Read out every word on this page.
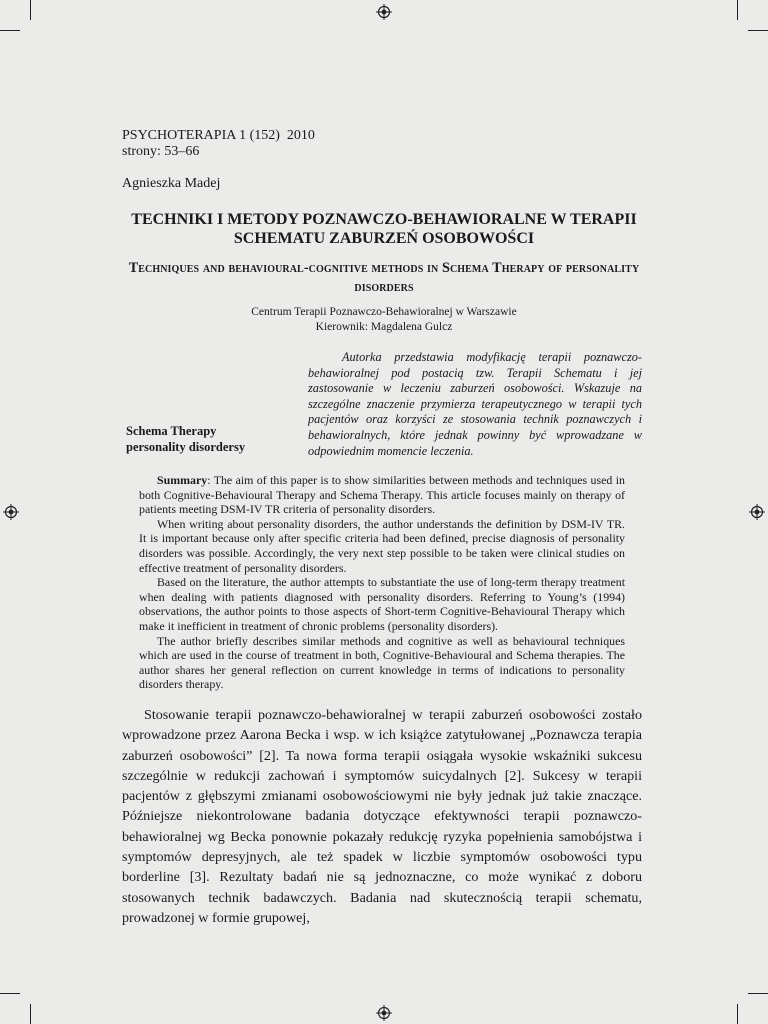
PSYCHOTERAPIA 1 (152)  2010
strony: 53–66
Agnieszka Madej
TECHNIKI I METODY POZNAWCZO-BEHAWIORALNE W TERAPII SCHEMATU ZABURZEŃ OSOBOWOŚCI
Techniques and behavioural-cognitive methods in Schema Therapy of personality disorders
Centrum Terapii Poznawczo-Behawioralnej w Warszawie
Kierownik: Magdalena Gulcz
Autorka przedstawia modyfikację terapii poznawczo-behawioralnej pod postacią tzw. Terapii Schematu i jej zastosowanie w leczeniu zaburzeń osobowości. Wskazuje na szczególne znaczenie przymierza terapeutycznego w terapii tych pacjentów oraz korzyści ze stosowania technik poznawczych i behawioralnych, które jednak powinny być wprowadzane w odpowiednim momencie leczenia.
Schema Therapy
personality disordersy

Summary: The aim of this paper is to show similarities between methods and techniques used in both Cognitive-Behavioural Therapy and Schema Therapy. This article focuses mainly on therapy of patients meeting DSM-IV TR criteria of personality disorders.

When writing about personality disorders, the author understands the definition by DSM-IV TR. It is important because only after specific criteria had been defined, precise diagnosis of personality disorders was possible. Accordingly, the very next step possible to be taken were clinical studies on effective treatment of personality disorders.

Based on the literature, the author attempts to substantiate the use of long-term therapy treatment when dealing with patients diagnosed with personality disorders. Referring to Young’s (1994) observations, the author points to those aspects of Short-term Cognitive-Behavioural Therapy which make it inefficient in treatment of chronic problems (personality disorders).

The author briefly describes similar methods and cognitive as well as behavioural techniques which are used in the course of treatment in both, Cognitive-Behavioural and Schema therapies. The author shares her general reflection on current knowledge in terms of indications to personality disorders therapy.

Stosowanie terapii poznawczo-behawioralnej w terapii zaburzeń osobowości zostało wprowadzone przez Aarona Becka i wsp. w ich książce zatytułowanej „Poznawcza terapia zaburzeń osobowości” [2]. Ta nowa forma terapii osiągała wysokie wskaźniki sukcesu szczególnie w redukcji zachowań i symptomów suicydalnych [2]. Sukcesy w terapii pacjentów z głębszymi zmianami osobowościowymi nie były jednak już takie znaczące. Późniejsze niekontrolowane badania dotyczące efektywności terapii poznawczo-behawioralnej wg Becka ponownie pokazały redukcję ryzyka popełnienia samobójstwa i symptomów depresyjnych, ale też spadek w liczbie symptomów osobowości typu borderline [3]. Rezultaty badań nie są jednoznaczne, co może wynikać z doboru stosowanych technik badawczych. Badania nad skutecznością terapii schematu, prowadzonej w formie grupowej,
